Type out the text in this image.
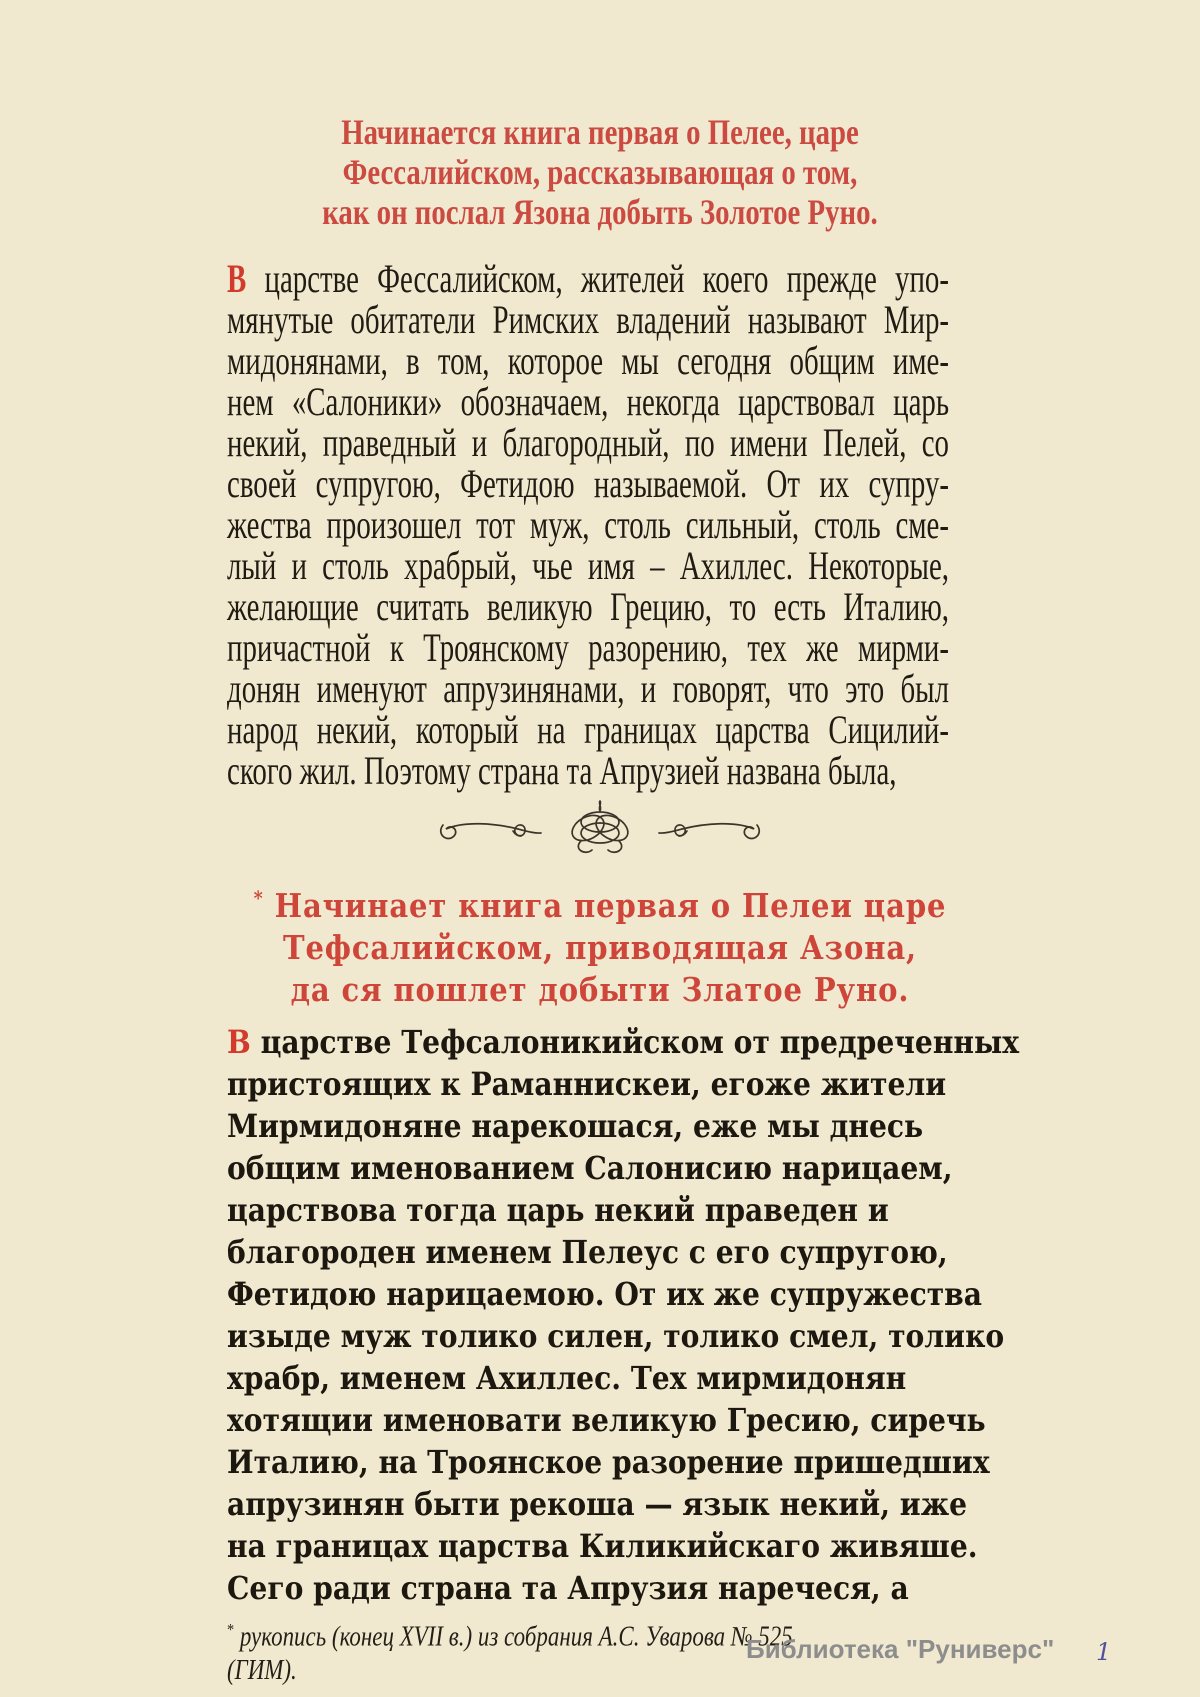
Начинается книга первая о Пелее, царе
Фессалийском, рассказывающая о том,
как он послал Язона добыть Золотое Руно.
В царстве Фессалийском, жителей коего прежде упо-
мянутые обитатели Римских владений называют Мир-
мидонянами, в том, которое мы сегодня общим име-
нем «Салоники» обозначаем, некогда царствовал царь
некий, праведный и благородный, по имени Пелей, со
своей супругою, Фетидою называемой. От их супру-
жества произошел тот муж, столь сильный, столь сме-
лый и столь храбрый, чье имя – Ахиллес. Некоторые,
желающие считать великую Грецию, то есть Италию,
причастной к Троянскому разорению, тех же мирми-
донян именуют апрузинянами, и говорят, что это был
народ некий, который на границах царства Сицилий-
ского жил. Поэтому страна та Апрузией названа была,
* Начинает книга первая о Пелеи царе
Тефсалийском, приводящая Азона,
да ся пошлет добыти Златое Руно.
В царстве Тефсалоникийском от предреченных
пристоящих к Раманнискеи, егоже жители
Мирмидоняне нарекошася, еже мы днесь
общим именованием Салонисию нарицаем,
царствова тогда царь некий праведен и
благороден именем Пелеус с его супругою,
Фетидою нарицаемою. От их же супружества
изыде муж толико силен, толико смел, толико
храбр, именем Ахиллес. Тех мирмидонян
хотящии именовати великую Гресию, сиречь
Италию, на Троянское разорение пришедших
апрузинян быти рекоша — язык некий, иже
на границах царства Киликийскаго живяше.
Сего ради страна та Апрузия наречеся, а
* рукопись (конец XVII в.) из собрания А.С. Уварова № 525 (ГИМ).
Библиотека "Руниверс" 1
